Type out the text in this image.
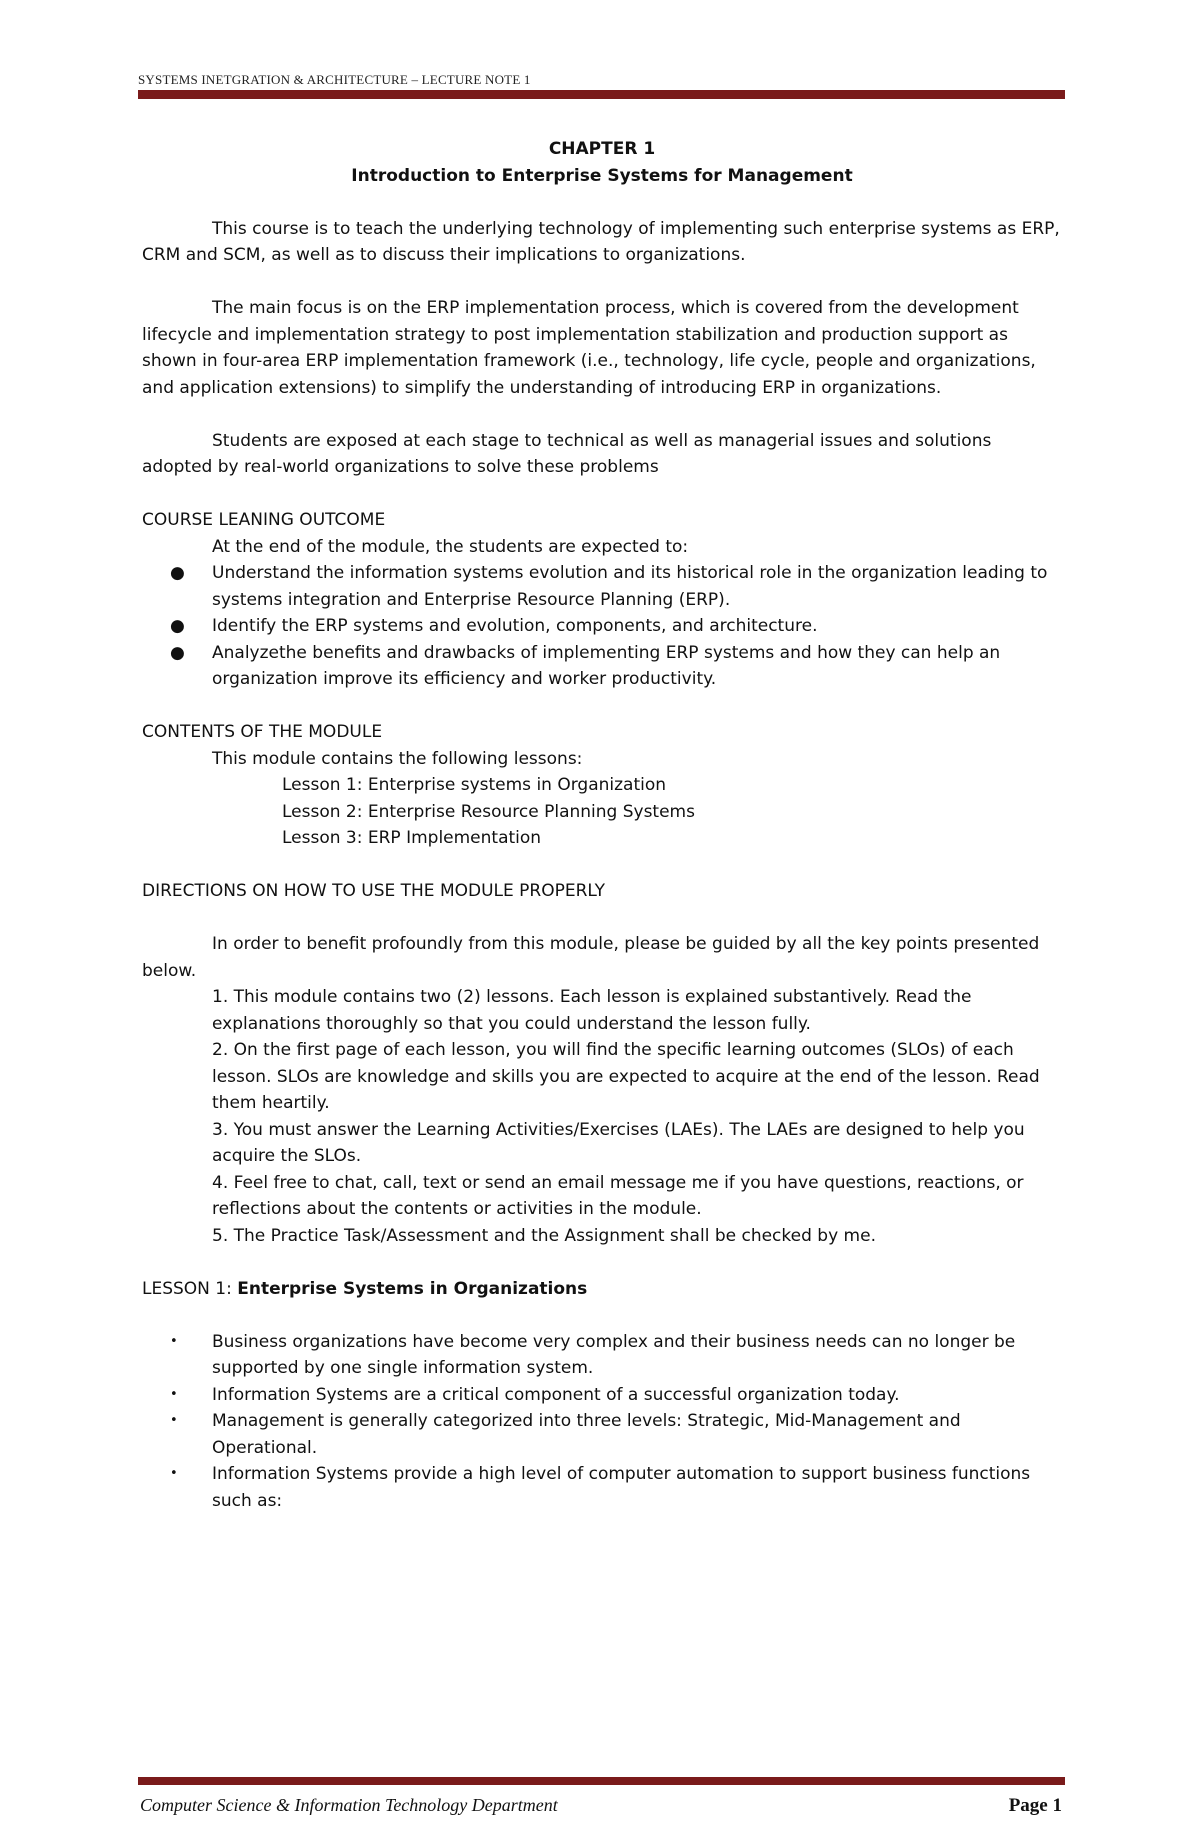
SYSTEMS INETGRATION & ARCHITECTURE – LECTURE NOTE 1
CHAPTER 1
Introduction to Enterprise Systems for Management

This course is to teach the underlying technology of implementing such enterprise systems as ERP, CRM and SCM, as well as to discuss their implications to organizations.

The main focus is on the ERP implementation process, which is covered from the development lifecycle and implementation strategy to post implementation stabilization and production support as shown in four-area ERP implementation framework (i.e., technology, life cycle, people and organizations, and application extensions) to simplify the understanding of introducing ERP in organizations.

Students are exposed at each stage to technical as well as managerial issues and solutions adopted by real-world organizations to solve these problems

COURSE LEANING OUTCOME

At the end of the module, the students are expected to:
● Understand the information systems evolution and its historical role in the organization leading to systems integration and Enterprise Resource Planning (ERP).
● Identify the ERP systems and evolution, components, and architecture.
● Analyzethe benefits and drawbacks of implementing ERP systems and how they can help an organization improve its efficiency and worker productivity.

CONTENTS OF THE MODULE

This module contains the following lessons:
Lesson 1: Enterprise systems in Organization
Lesson 2: Enterprise Resource Planning Systems
Lesson 3: ERP Implementation

DIRECTIONS ON HOW TO USE THE MODULE PROPERLY

In order to benefit profoundly from this module, please be guided by all the key points presented below.

1. This module contains two (2) lessons. Each lesson is explained substantively. Read the explanations thoroughly so that you could understand the lesson fully.
2. On the first page of each lesson, you will find the specific learning outcomes (SLOs) of each lesson. SLOs are knowledge and skills you are expected to acquire at the end of the lesson. Read them heartily.
3. You must answer the Learning Activities/Exercises (LAEs). The LAEs are designed to help you acquire the SLOs.
4. Feel free to chat, call, text or send an email message me if you have questions, reactions, or reflections about the contents or activities in the module.
5. The Practice Task/Assessment and the Assignment shall be checked by me.

LESSON 1: Enterprise Systems in Organizations

• Business organizations have become very complex and their business needs can no longer be supported by one single information system.
• Information Systems are a critical component of a successful organization today.
• Management is generally categorized into three levels: Strategic, Mid-Management and Operational.
• Information Systems provide a high level of computer automation to support business functions such as:
Computer Science & Information Technology Department	Page 1
